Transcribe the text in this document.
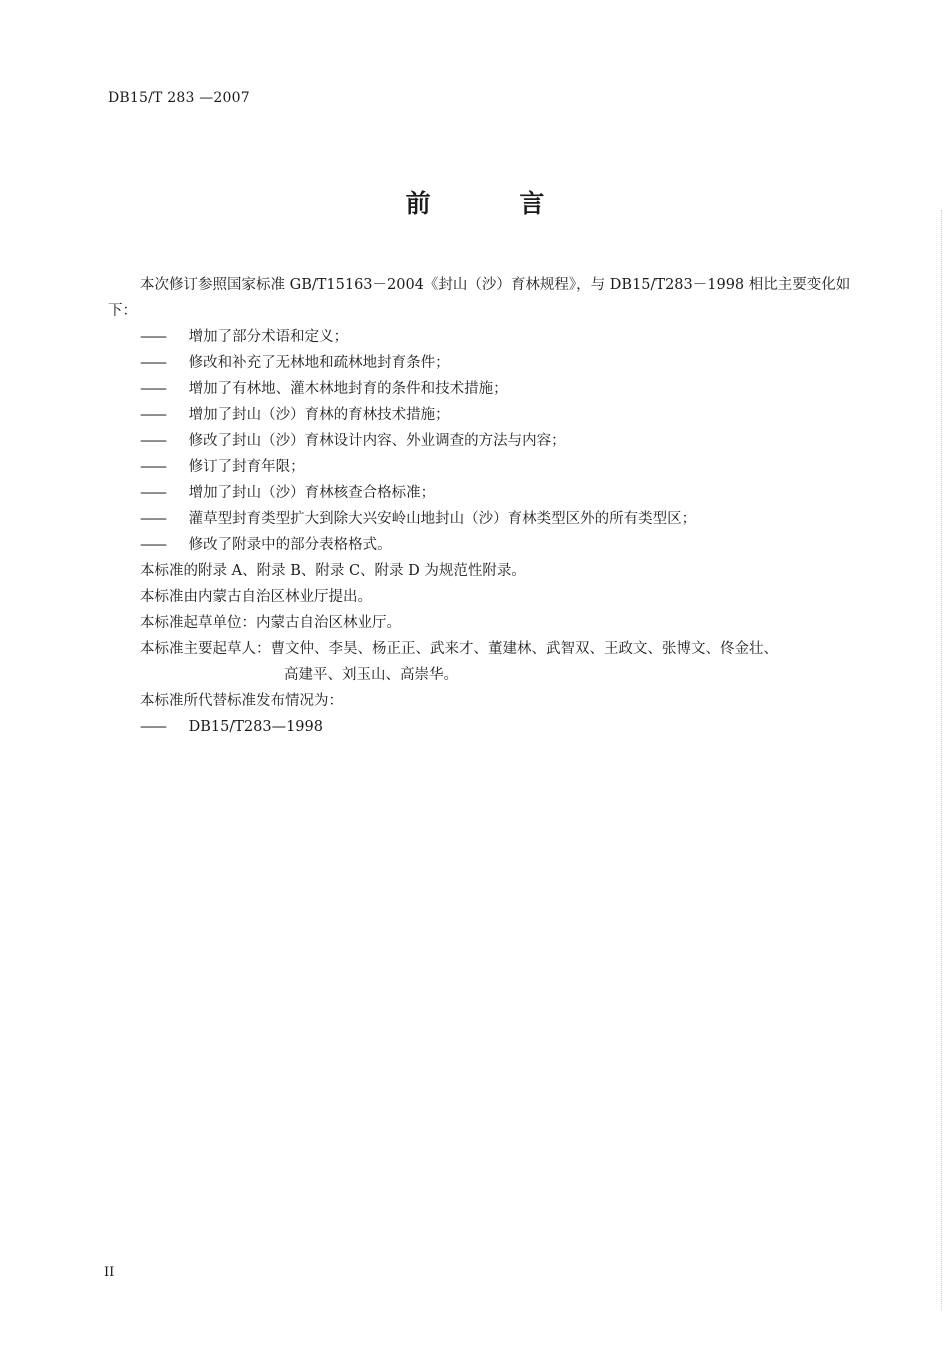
DB15/T 283 —2007
前 言

本次修订参照国家标准 GB/T15163－2004《封山（沙）育林规程》，与 DB15/T283－1998 相比主要变化如下：

—— 增加了部分术语和定义；

—— 修改和补充了无林地和疏林地封育条件；

—— 增加了有林地、灌木林地封育的条件和技术措施；

—— 增加了封山（沙）育林的育林技术措施；

—— 修改了封山（沙）育林设计内容、外业调查的方法与内容；

—— 修订了封育年限；

—— 增加了封山（沙）育林核查合格标准；

—— 灌草型封育类型扩大到除大兴安岭山地封山（沙）育林类型区外的所有类型区；

—— 修改了附录中的部分表格格式。

本标准的附录 A、附录 B、附录 C、附录 D 为规范性附录。

本标准由内蒙古自治区林业厅提出。

本标准起草单位：内蒙古自治区林业厅。

本标准主要起草人：曹文仲、李昊、杨正正、武来才、董建林、武智双、王政文、张博文、佟金壮、

高建平、刘玉山、高崇华。

本标准所代替标准发布情况为：

—— DB15/T283—1998

II
